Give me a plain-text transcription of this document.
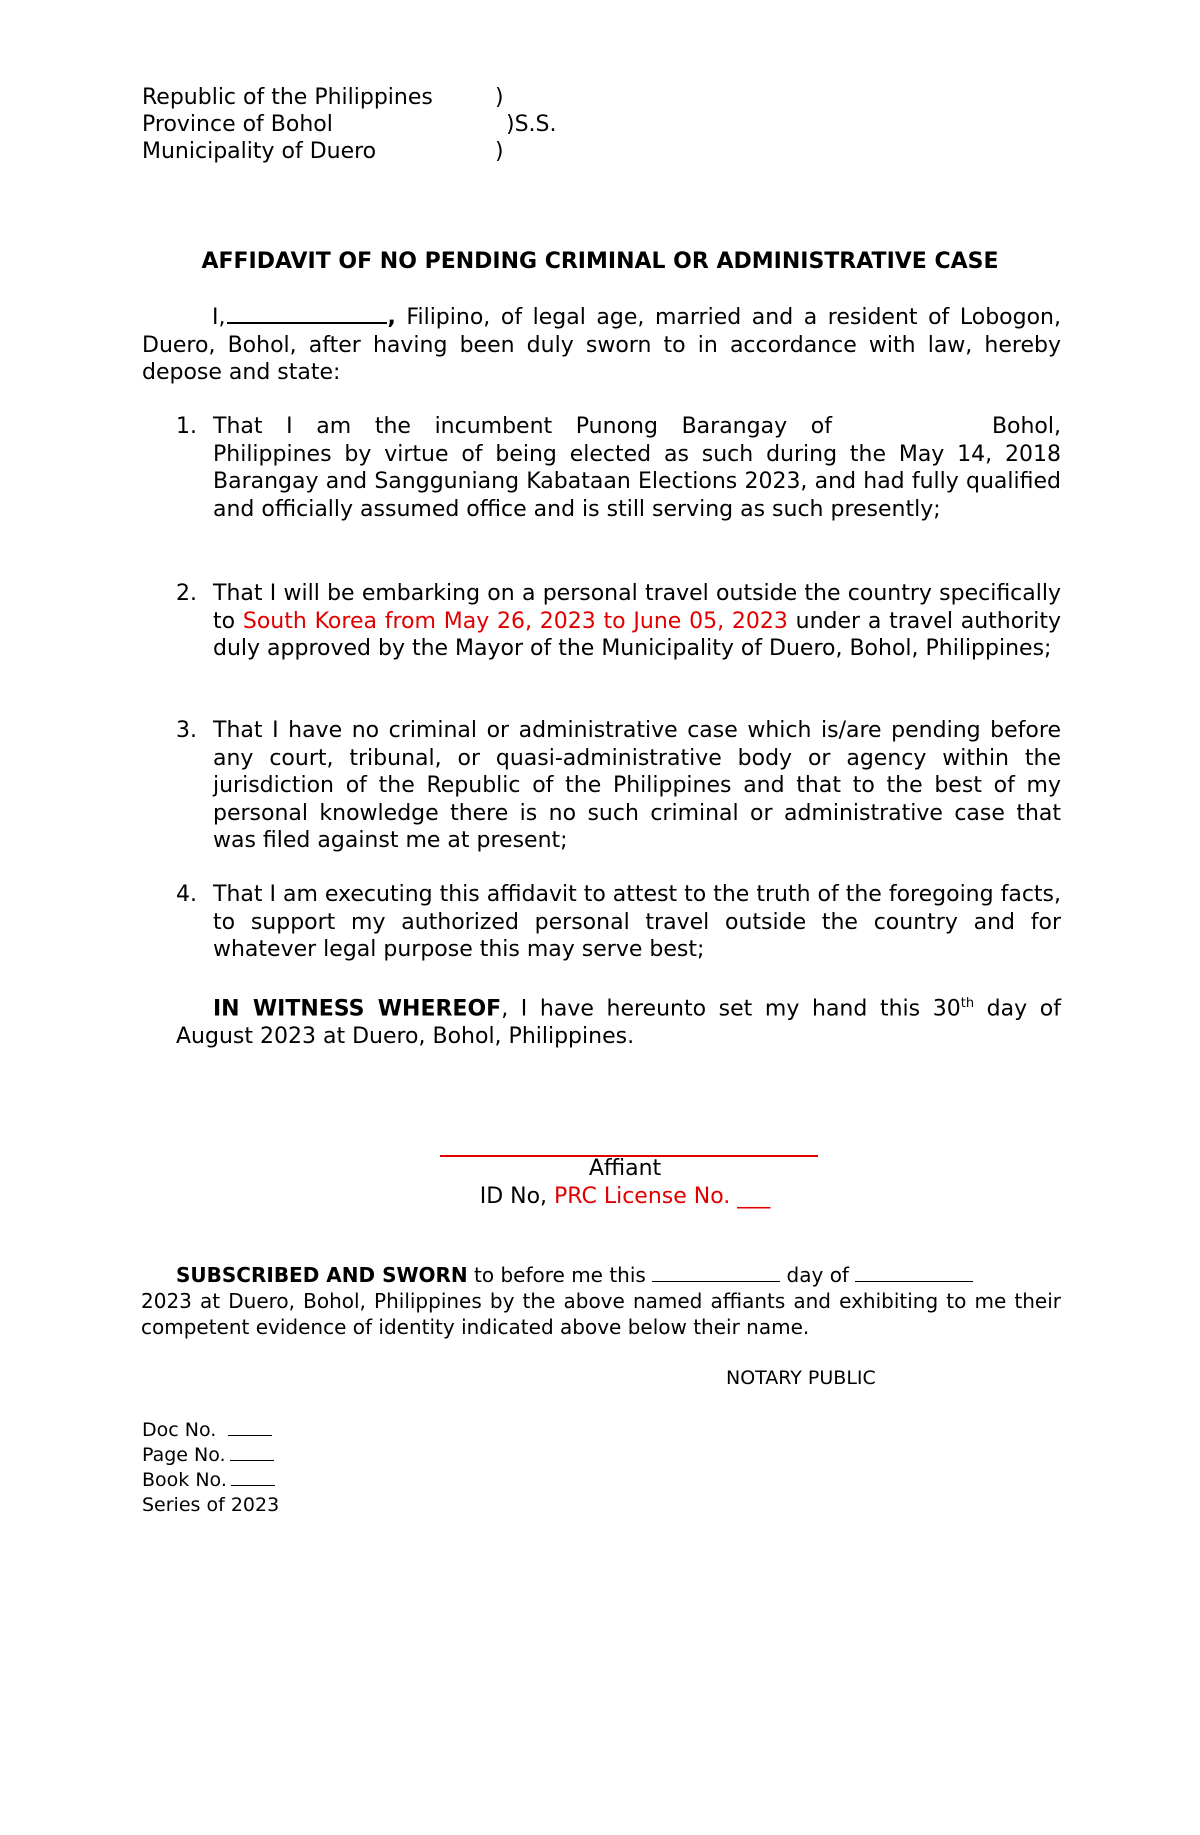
Republic of the Philippines	)
Province of Bohol	)S.S.
Municipality of Duero	)
AFFIDAVIT OF NO PENDING CRIMINAL OR ADMINISTRATIVE CASE
I,	, Filipino, of legal age, married and a resident of Lobogon, Duero, Bohol, after having been duly sworn to in accordance with law, hereby depose and state:
1. That I am the incumbent Punong Barangay of	Bohol, Philippines by virtue of being elected as such during the May 14, 2018 Barangay and Sangguniang Kabataan Elections 2023, and had fully qualified and officially assumed office and is still serving as such presently;
2. That I will be embarking on a personal travel outside the country specifically to South Korea from May 26, 2023 to June 05, 2023 under a travel authority duly approved by the Mayor of the Municipality of Duero, Bohol, Philippines;
3. That I have no criminal or administrative case which is/are pending before any court, tribunal, or quasi-administrative body or agency within the jurisdiction of the Republic of the Philippines and that to the best of my personal knowledge there is no such criminal or administrative case that was filed against me at present;
4. That I am executing this affidavit to attest to the truth of the foregoing facts, to support my authorized personal travel outside the country and for whatever legal purpose this may serve best;
IN WITNESS WHEREOF, I have hereunto set my hand this 30th day of August 2023 at Duero, Bohol, Philippines.
Affiant
ID No, PRC License No. ___
SUBSCRIBED AND SWORN to before me this	day of
2023 at Duero, Bohol, Philippines by the above named affiants and exhibiting to me their competent evidence of identity indicated above below their name.
NOTARY PUBLIC
Doc No.
Page No.
Book No.
Series of 2023
